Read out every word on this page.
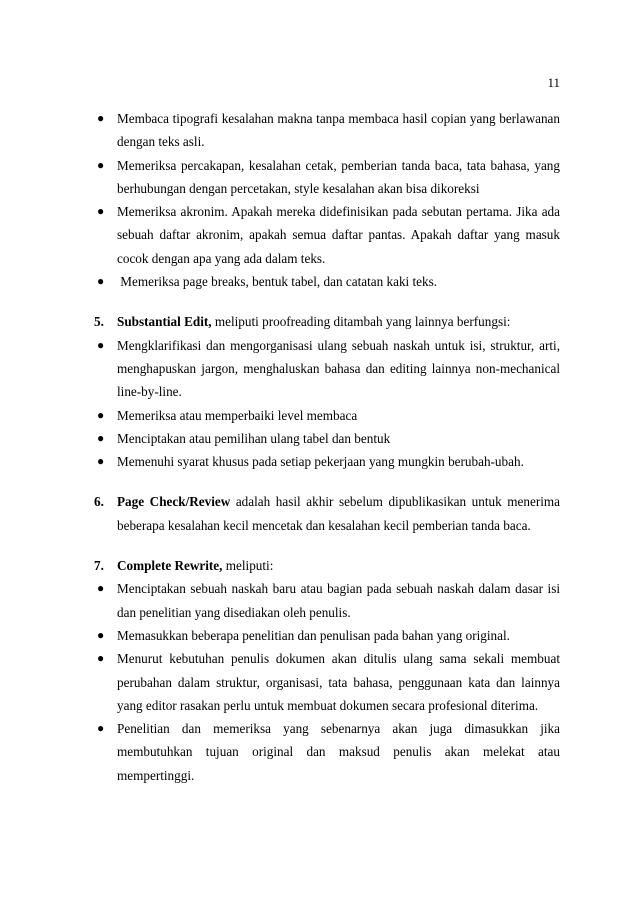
11
● Membaca tipografi kesalahan makna tanpa membaca hasil copian yang berlawanan dengan teks asli.
● Memeriksa percakapan, kesalahan cetak, pemberian tanda baca, tata bahasa, yang berhubungan dengan percetakan, style kesalahan akan bisa dikoreksi
● Memeriksa akronim. Apakah mereka didefinisikan pada sebutan pertama. Jika ada sebuah daftar akronim, apakah semua daftar pantas. Apakah daftar yang masuk cocok dengan apa yang ada dalam teks.
● Memeriksa page breaks, bentuk tabel, dan catatan kaki teks.
5. Substantial Edit, meliputi proofreading ditambah yang lainnya berfungsi:
● Mengklarifikasi dan mengorganisasi ulang sebuah naskah untuk isi, struktur, arti, menghapuskan jargon, menghaluskan bahasa dan editing lainnya non-mechanical line-by-line.
● Memeriksa atau memperbaiki level membaca
● Menciptakan atau pemilihan ulang tabel dan bentuk
● Memenuhi syarat khusus pada setiap pekerjaan yang mungkin berubah-ubah.
6. Page Check/Review adalah hasil akhir sebelum dipublikasikan untuk menerima beberapa kesalahan kecil mencetak dan kesalahan kecil pemberian tanda baca.
7. Complete Rewrite, meliputi:
● Menciptakan sebuah naskah baru atau bagian pada sebuah naskah dalam dasar isi dan penelitian yang disediakan oleh penulis.
● Memasukkan beberapa penelitian dan penulisan pada bahan yang original.
● Menurut kebutuhan penulis dokumen akan ditulis ulang sama sekali membuat perubahan dalam struktur, organisasi, tata bahasa, penggunaan kata dan lainnya yang editor rasakan perlu untuk membuat dokumen secara profesional diterima.
● Penelitian dan memeriksa yang sebenarnya akan juga dimasukkan jika membutuhkan tujuan original dan maksud penulis akan melekat atau mempertinggi.
